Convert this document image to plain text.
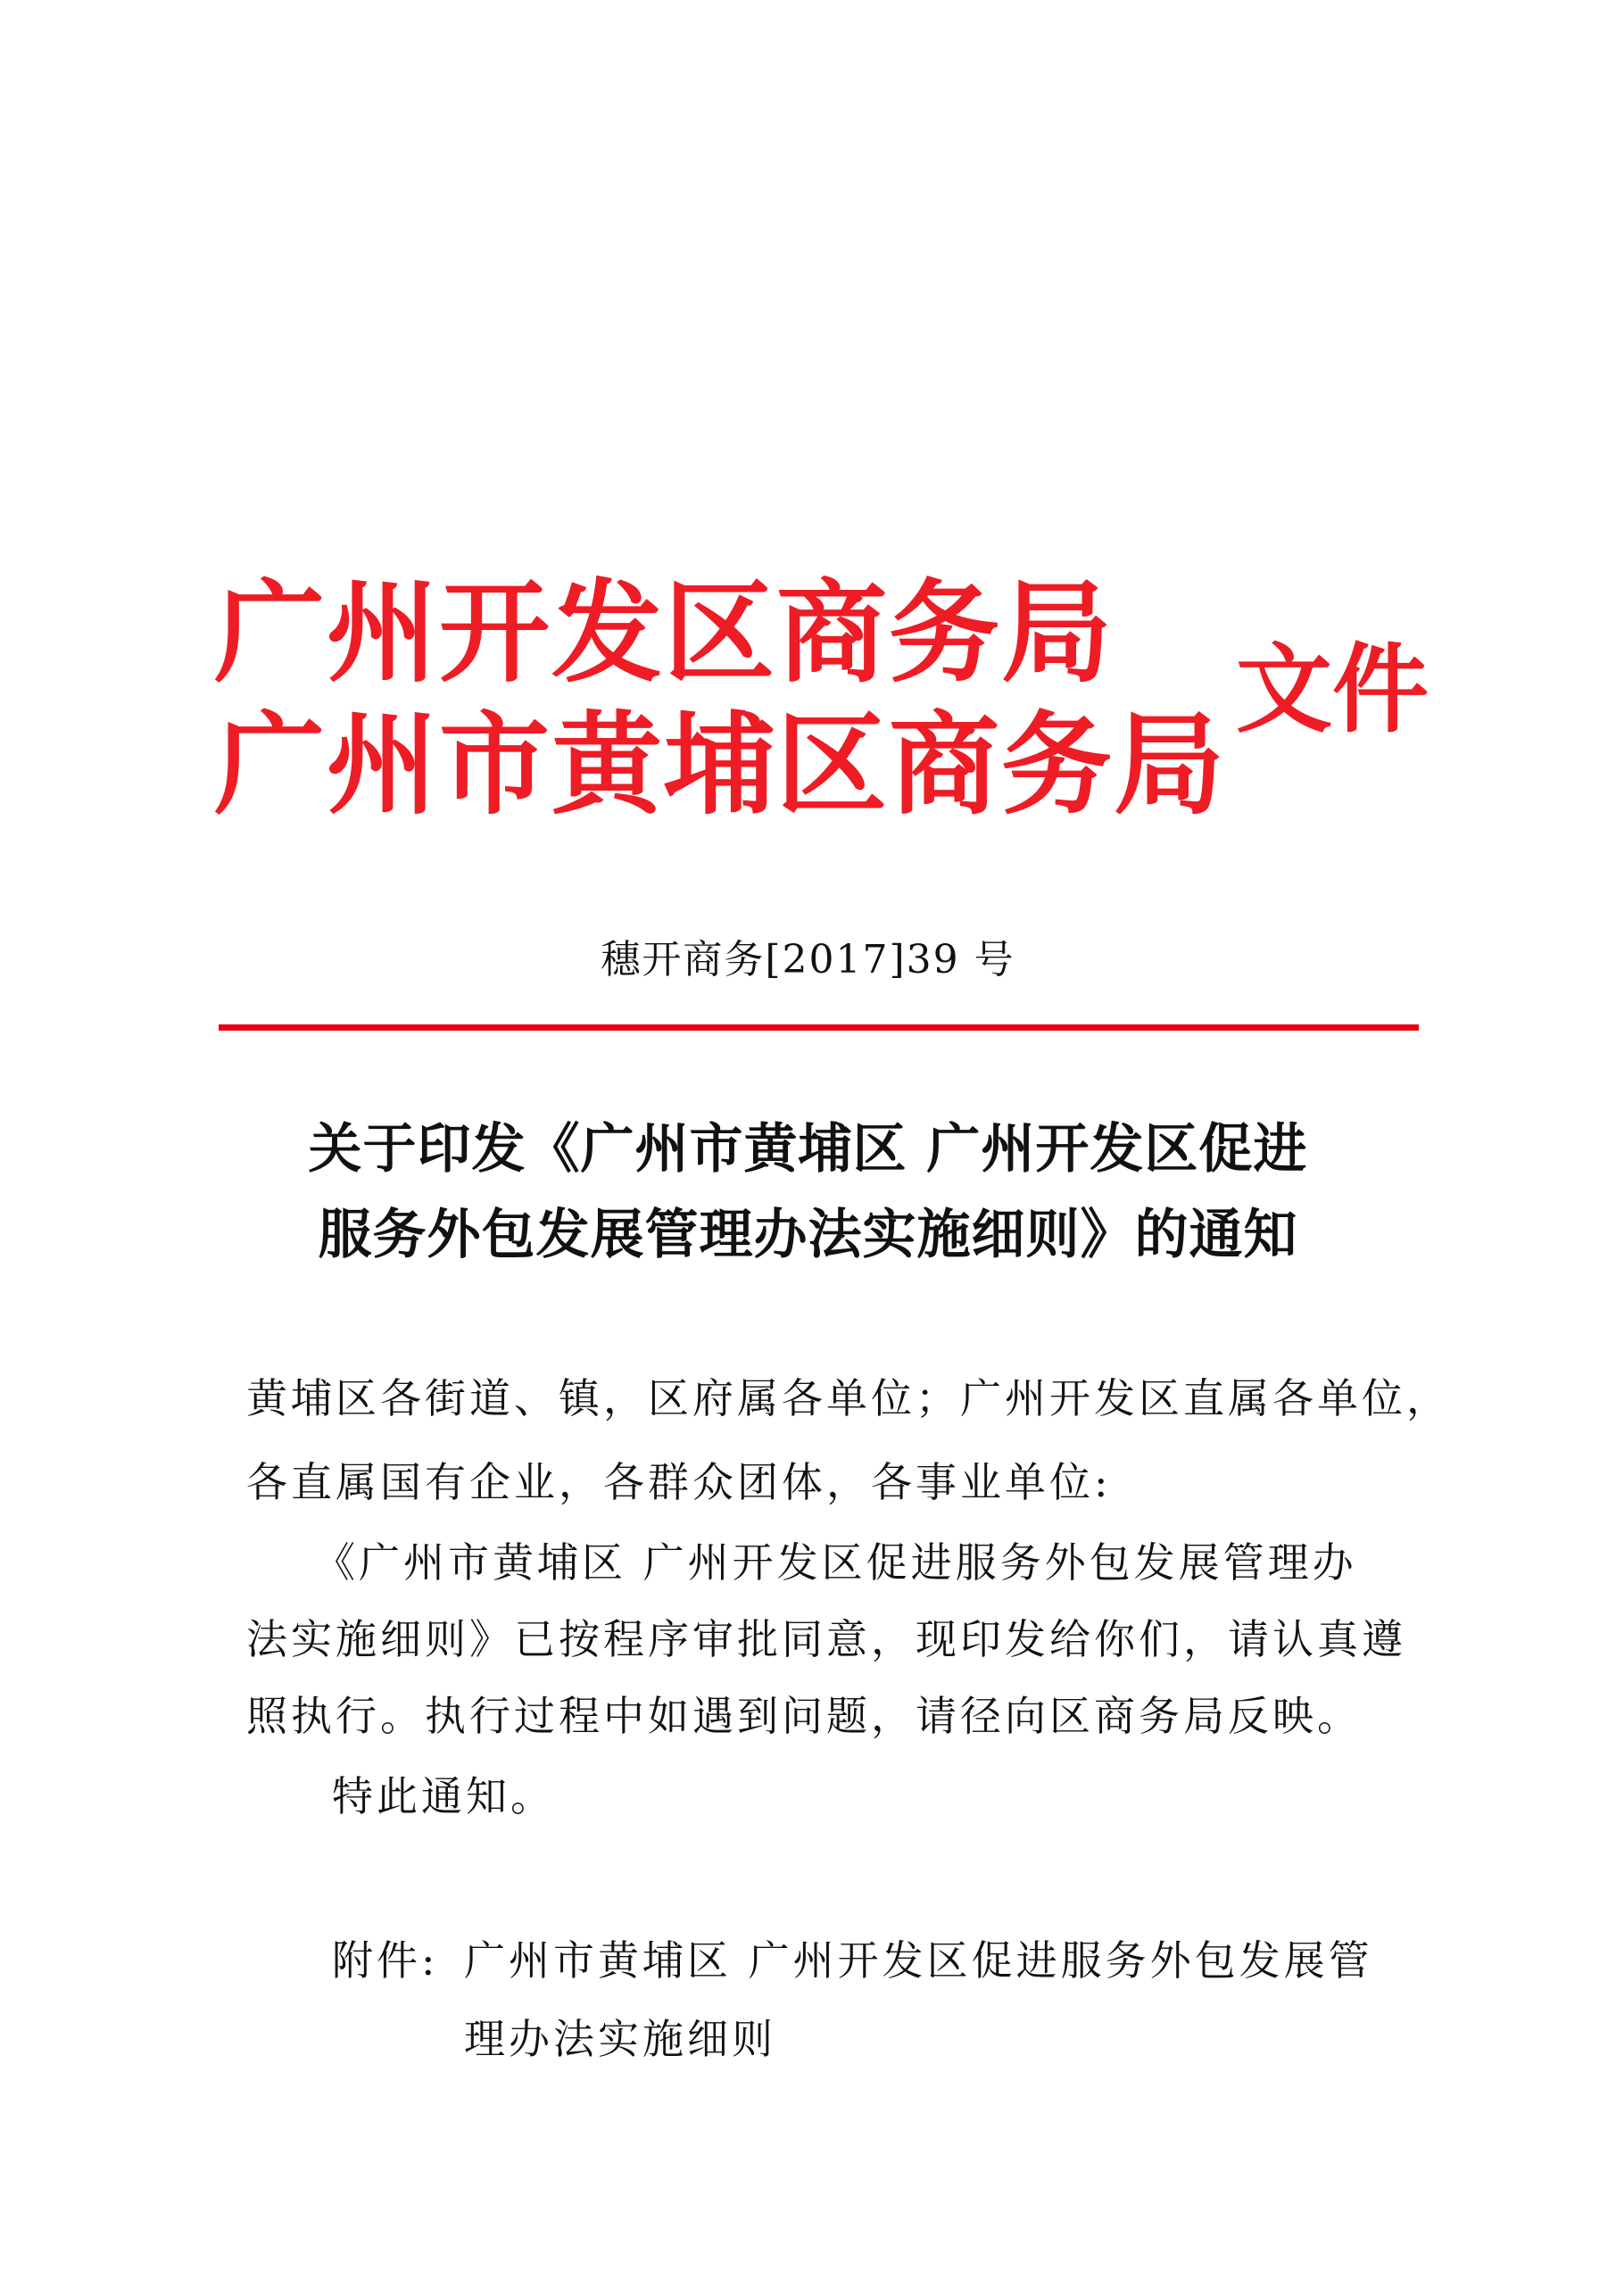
广州开发区商务局
广州市黄埔区商务局
文件
穗开商务[2017]39 号
关于印发《广州市黄埔区 广州开发区促进
服务外包发展管理办法实施细则》的通知
黄埔区各街道、镇，区府属各单位；广州开发区直属各单位，
各直属国有企业，各群众团体，各事业单位:
《广州市黄埔区 广州开发区促进服务外包发展管理办
法实施细则》已按程序审批同意，现印发给你们，请认真遵
照执行。执行过程中如遇到问题，请径向区商务局反映。
特此通知。
附件: 广州市黄埔区 广州开发区促进服务外包发展管
理办法实施细则
